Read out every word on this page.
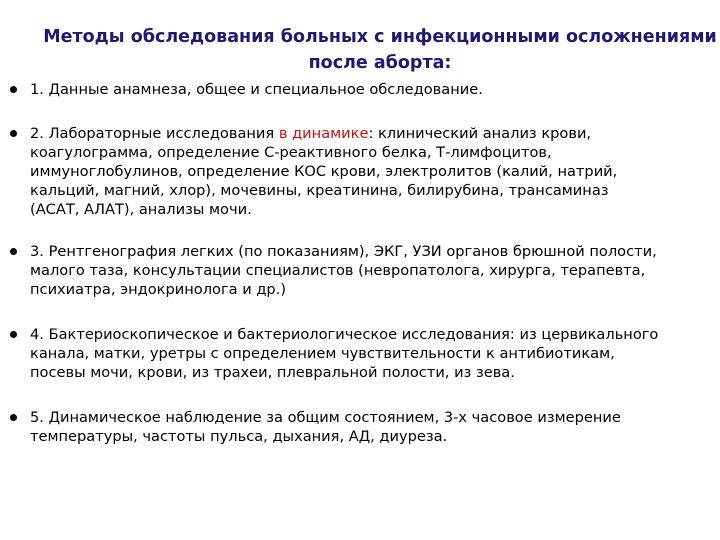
Методы обследования больных с инфекционными осложнениями
после аборта:
1. Данные анамнеза, общее и специальное обследование.
2. Лабораторные исследования в динамике: клинический анализ крови,
коагулограмма, определение С-реактивного белка, Т-лимфоцитов,
иммуноглобулинов, определение КОС крови, электролитов (калий, натрий,
кальций, магний, хлор), мочевины, креатинина, билирубина, трансаминаз
(АСАТ, АЛАТ), анализы мочи.
3. Рентгенография легких (по показаниям), ЭКГ, УЗИ органов брюшной полости,
малого таза, консультации специалистов (невропатолога, хирурга, терапевта,
психиатра, эндокринолога и др.)
4. Бактериоскопическое и бактериологическое исследования: из цервикального
канала, матки, уретры с определением чувствительности к антибиотикам,
посевы мочи, крови, из трахеи, плевральной полости, из зева.
5. Динамическое наблюдение за общим состоянием, 3-х часовое измерение
температуры, частоты пульса, дыхания, АД, диуреза.
